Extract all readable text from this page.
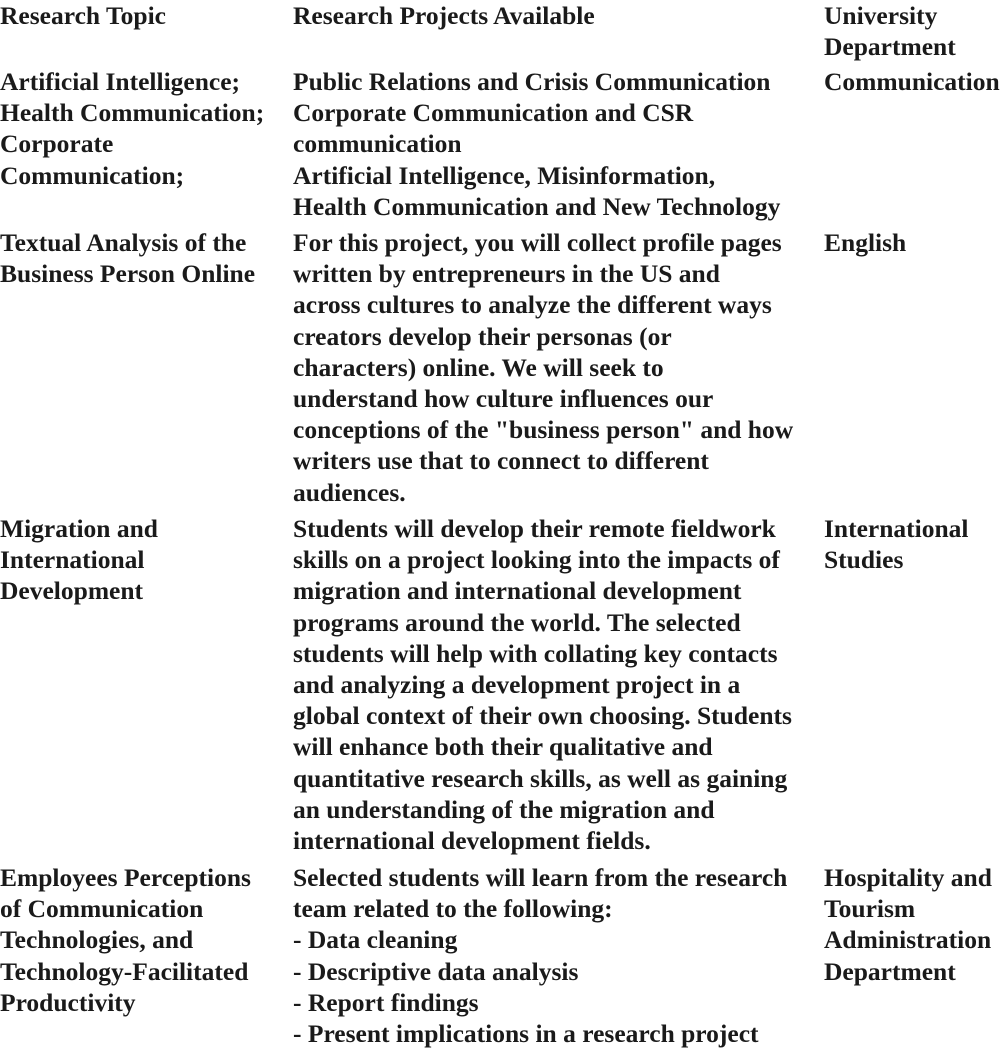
Research Topic	Research Projects Available	University
Department
Artificial Intelligence;
Health Communication;
Corporate
Communication;
Public Relations and Crisis Communication
Corporate Communication and CSR
communication
Artificial Intelligence, Misinformation,
Health Communication and New Technology
Communication
Textual Analysis of the
Business Person Online
For this project, you will collect profile pages
written by entrepreneurs in the US and
across cultures to analyze the different ways
creators develop their personas (or
characters) online. We will seek to
understand how culture influences our
conceptions of the "business person" and how
writers use that to connect to different
audiences.
English
Migration and
International
Development
Students will develop their remote fieldwork
skills on a project looking into the impacts of
migration and international development
programs around the world. The selected
students will help with collating key contacts
and analyzing a development project in a
global context of their own choosing. Students
will enhance both their qualitative and
quantitative research skills, as well as gaining
an understanding of the migration and
international development fields.
International
Studies
Employees Perceptions
of Communication
Technologies, and
Technology-Facilitated
Productivity
Selected students will learn from the research
team related to the following:
- Data cleaning
- Descriptive data analysis
- Report findings
- Present implications in a research project
Hospitality and
Tourism
Administration
Department
